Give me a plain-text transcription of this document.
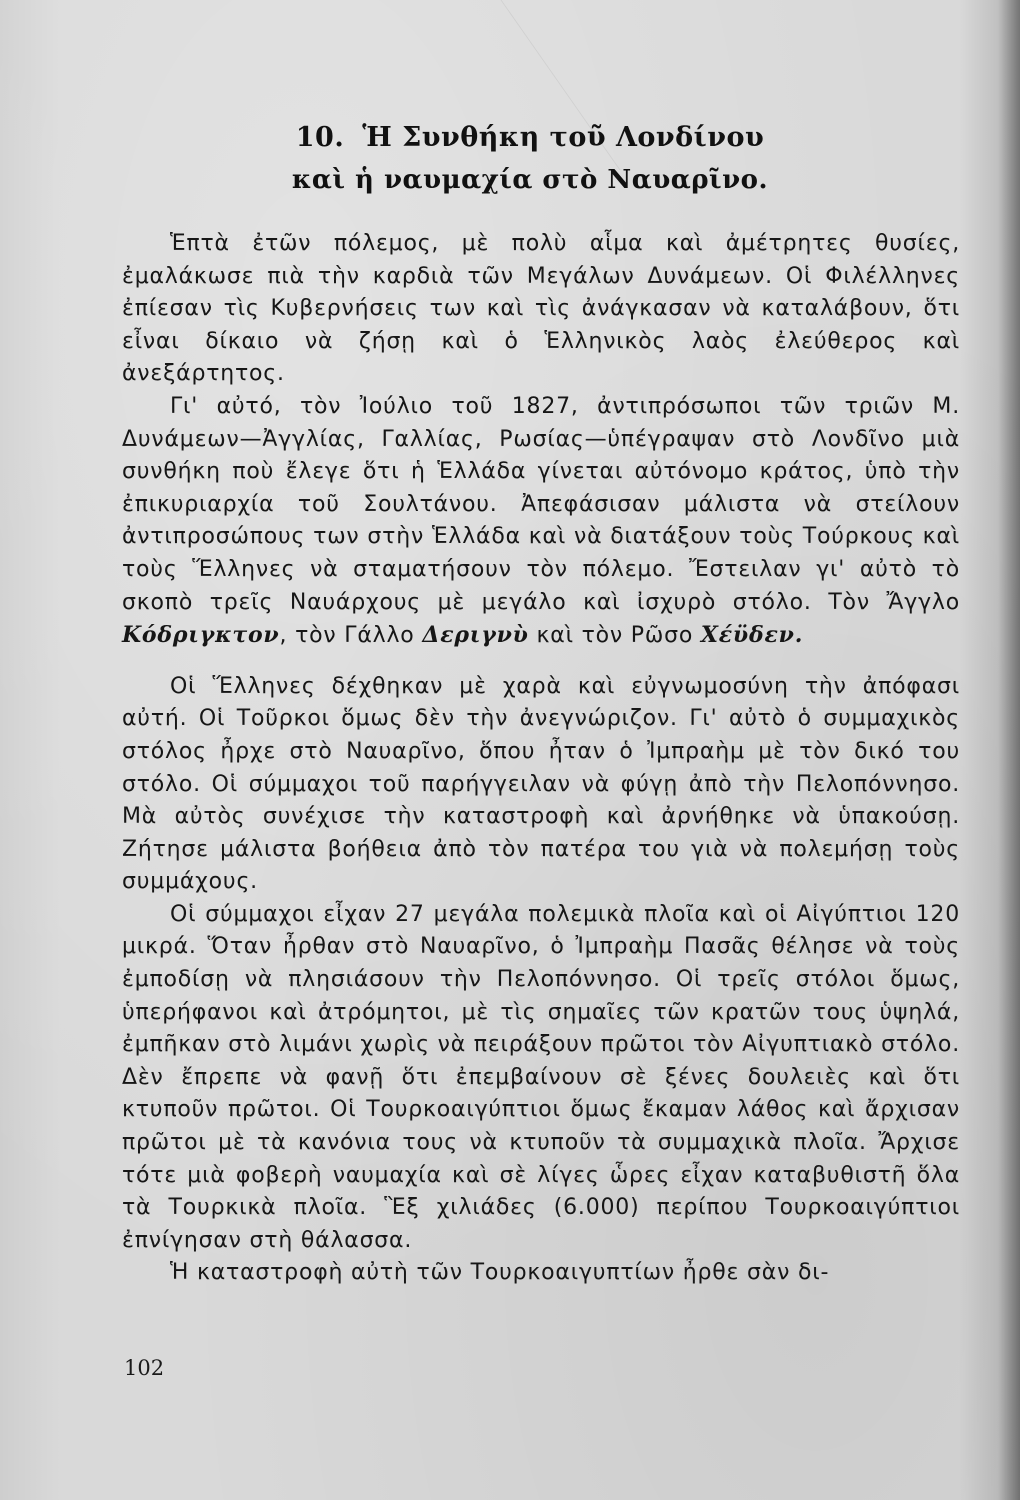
10. Ἡ Συνθήκη τοῦ Λονδίνου
καὶ ἡ ναυμαχία στὸ Ναυαρῖνο.

Ἑπτὰ ἐτῶν πόλεμος, μὲ πολὺ αἷμα καὶ ἀμέτρητες θυσίες, ἐμαλάκωσε πιὰ τὴν καρδιὰ τῶν Μεγάλων Δυνάμεων. Οἱ Φιλέλληνες ἐπίεσαν τὶς Κυβερνήσεις των καὶ τὶς ἀνάγκασαν νὰ καταλάβουν, ὅτι εἶναι δίκαιο νὰ ζήσῃ καὶ ὁ Ἑλληνικὸς λαὸς ἐλεύθερος καὶ ἀνεξάρτητος.

Γι' αὐτό, τὸν Ἰούλιο τοῦ 1827, ἀντιπρόσωποι τῶν τριῶν Μ. Δυνάμεων—Ἀγγλίας, Γαλλίας, Ρωσίας—ὑπέγραψαν στὸ Λονδῖνο μιὰ συνθήκη ποὺ ἔλεγε ὅτι ἡ Ἑλλάδα γίνεται αὐτόνομο κράτος, ὑπὸ τὴν ἐπικυριαρχία τοῦ Σουλτάνου. Ἀπεφάσισαν μάλιστα νὰ στείλουν ἀντιπροσώπους των στὴν Ἑλλάδα καὶ νὰ διατάξουν τοὺς Τούρκους καὶ τοὺς Ἕλληνες νὰ σταματήσουν τὸν πόλεμο. Ἔστειλαν γι' αὐτὸ τὸ σκοπὸ τρεῖς Ναυάρχους μὲ μεγάλο καὶ ἰσχυρὸ στόλο. Τὸν Ἄγγλο Κόδριγκτον, τὸν Γάλλο Δεριγνὺ καὶ τὸν Ρῶσο Χέϋδεν.

Οἱ Ἕλληνες δέχθηκαν μὲ χαρὰ καὶ εὐγνωμοσύνη τὴν ἀπόφασι αὐτή. Οἱ Τοῦρκοι ὅμως δὲν τὴν ἀνεγνώριζον. Γι' αὐτὸ ὁ συμμαχικὸς στόλος ἦρχε στὸ Ναυαρῖνο, ὅπου ἦταν ὁ Ἰμπραὴμ μὲ τὸν δικό του στόλο. Οἱ σύμμαχοι τοῦ παρήγγειλαν νὰ φύγῃ ἀπὸ τὴν Πελοπόννησο. Μὰ αὐτὸς συνέχισε τὴν καταστροφὴ καὶ ἀρνήθηκε νὰ ὑπακούσῃ. Ζήτησε μάλιστα βοήθεια ἀπὸ τὸν πατέρα του γιὰ νὰ πολεμήσῃ τοὺς συμμάχους.

Οἱ σύμμαχοι εἶχαν 27 μεγάλα πολεμικὰ πλοῖα καὶ οἱ Αἰγύπτιοι 120 μικρά. Ὅταν ἦρθαν στὸ Ναυαρῖνο, ὁ Ἰμπραὴμ Πασᾶς θέλησε νὰ τοὺς ἐμποδίσῃ νὰ πλησιάσουν τὴν Πελοπόννησο. Οἱ τρεῖς στόλοι ὅμως, ὑπερήφανοι καὶ ἀτρόμητοι, μὲ τὶς σημαῖες τῶν κρατῶν τους ὑψηλά, ἐμπῆκαν στὸ λιμάνι χωρὶς νὰ πειράξουν πρῶτοι τὸν Αἰγυπτιακὸ στόλο. Δὲν ἔπρεπε νὰ φανῇ ὅτι ἐπεμβαίνουν σὲ ξένες δουλειὲς καὶ ὅτι κτυποῦν πρῶτοι. Οἱ Τουρκοαιγύπτιοι ὅμως ἔκαμαν λάθος καὶ ἄρχισαν πρῶτοι μὲ τὰ κανόνια τους νὰ κτυποῦν τὰ συμμαχικὰ πλοῖα. Ἄρχισε τότε μιὰ φοβερὴ ναυμαχία καὶ σὲ λίγες ὧρες εἶχαν καταβυθιστῆ ὅλα τὰ Τουρκικὰ πλοῖα. Ἓξ χιλιάδες (6.000) περίπου Τουρκοαιγύπτιοι ἐπνίγησαν στὴ θάλασσα.

Ἡ καταστροφὴ αὐτὴ τῶν Τουρκοαιγυπτίων ἦρθε σὰν δι-

102
